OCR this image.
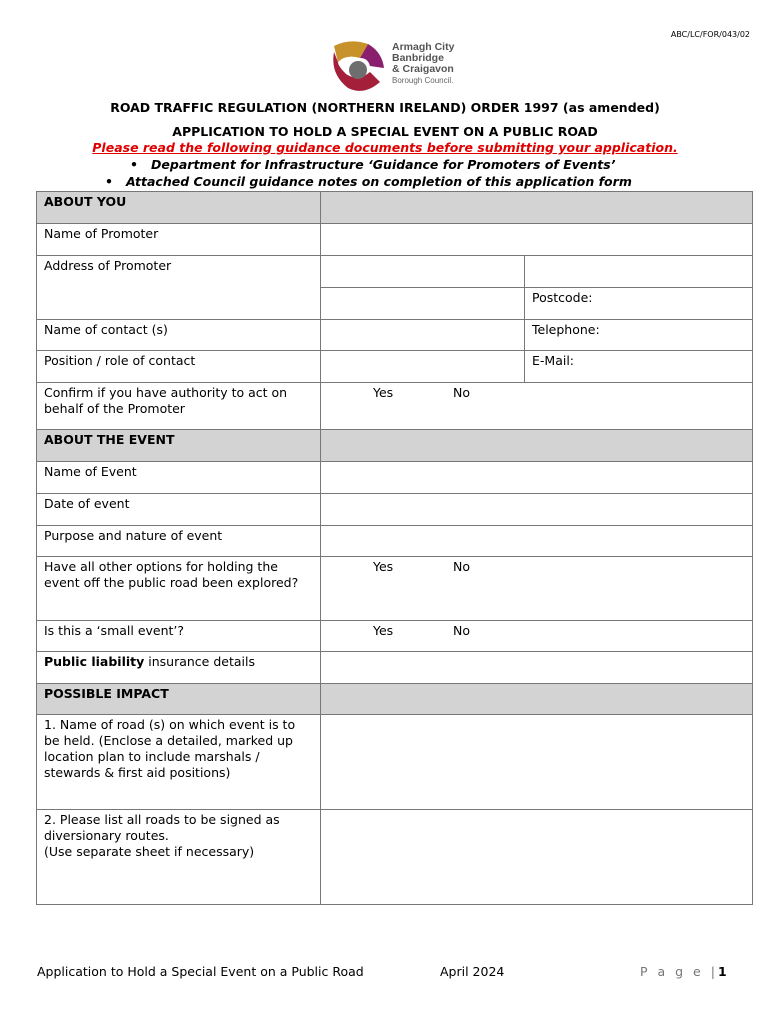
ABC/LC/FOR/043/02
Armagh City
Banbridge
& Craigavon
Borough Council.
ROAD TRAFFIC REGULATION (NORTHERN IRELAND) ORDER 1997 (as amended)
APPLICATION TO HOLD A SPECIAL EVENT ON A PUBLIC ROAD
Please read the following guidance documents before submitting your application.
•   Department for Infrastructure ‘Guidance for Promoters of Events’
•   Attached Council guidance notes on completion of this application form
ABOUT YOU		
Name of Promoter		
Address of Promoter		
		Postcode:
Name of contact (s)		Telephone:
Position / role of contact		E-Mail:
Confirm if you have authority to act on behalf of the Promoter	Yes No	
ABOUT THE EVENT		
Name of Event		
Date of event		
Purpose and nature of event		
Have all other options for holding the event off the public road been explored?	Yes No	
Is this a ‘small event’?	Yes No	
Public liability insurance details		
POSSIBLE IMPACT		
1. Name of road (s) on which event is to be held. (Enclose a detailed, marked up location plan to include marshals / stewards & first aid positions)		

2. Please list all roads to be signed as diversionary routes.
(Use separate sheet if necessary)		

Application to Hold a Special Event on a Public Road	April 2024	P a g e |1
